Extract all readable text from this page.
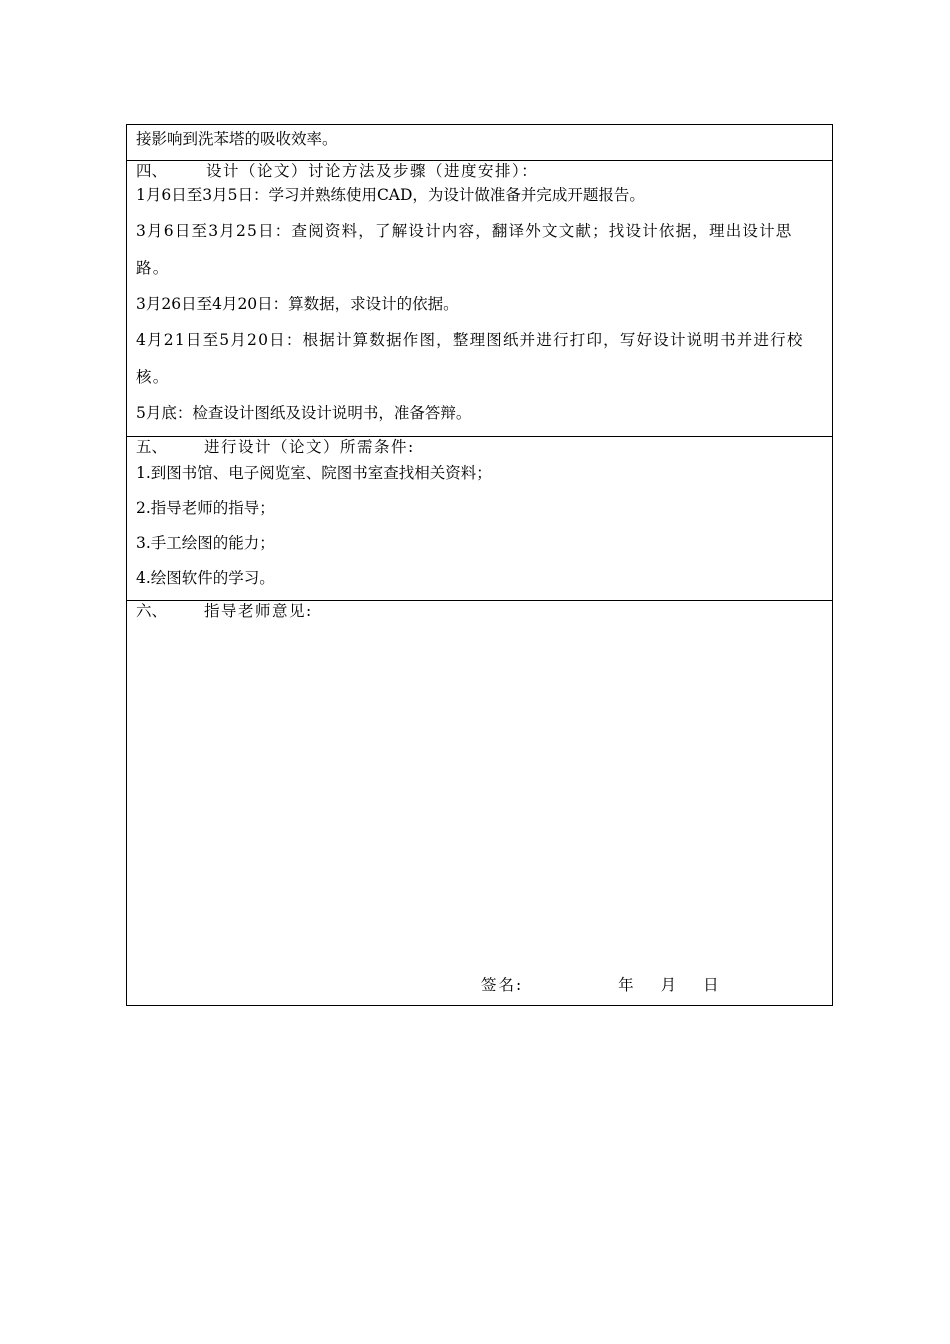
接影响到洗苯塔的吸收效率。
四、	设计（论文）讨论方法及步骤（进度安排）：
1月6日至3月5日：学习并熟练使用CAD，为设计做准备并完成开题报告。
3月6日至3月25日：查阅资料，了解设计内容，翻译外文文献；找设计依据，理出设计思路。
3月26日至4月20日：算数据，求设计的依据。
4月21日至5月20日：根据计算数据作图，整理图纸并进行打印，写好设计说明书并进行校核。
5月底：检查设计图纸及设计说明书，准备答辩。
五、	进行设计（论文）所需条件:
1.到图书馆、电子阅览室、院图书室查找相关资料；
2.指导老师的指导；
3.手工绘图的能力；
4.绘图软件的学习。
六、	指导老师意见:
签名:	年 月 日
